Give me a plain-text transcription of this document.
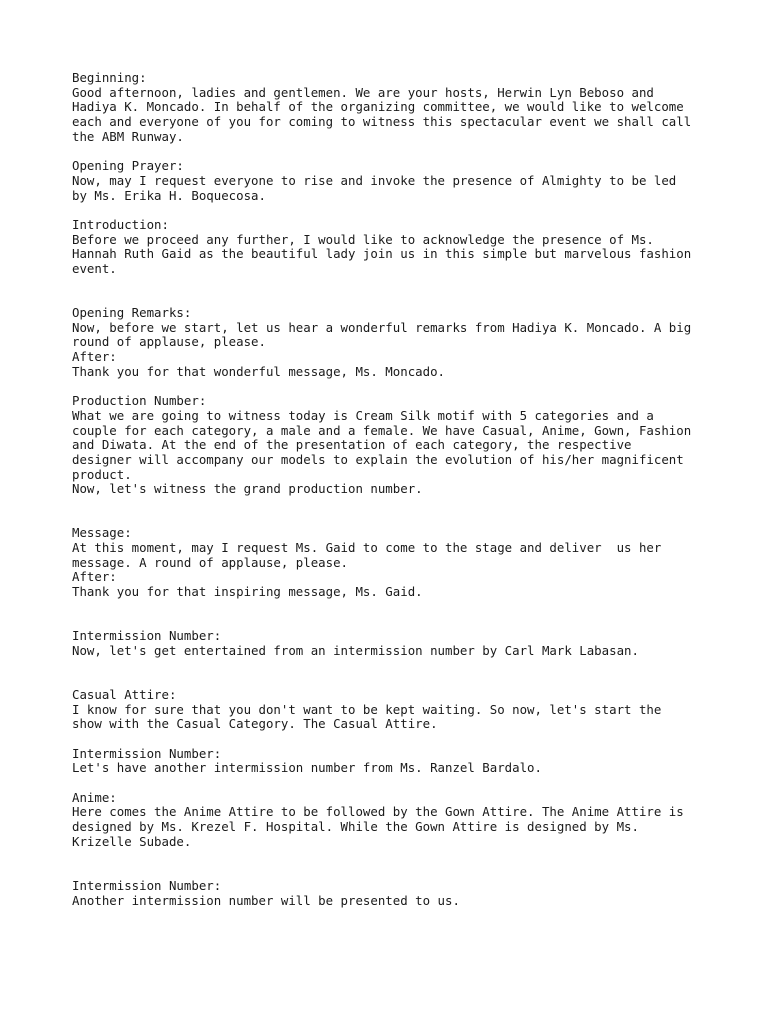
Beginning:
Good afternoon, ladies and gentlemen. We are your hosts, Herwin Lyn Beboso and
Hadiya K. Moncado. In behalf of the organizing committee, we would like to welcome
each and everyone of you for coming to witness this spectacular event we shall call
the ABM Runway.
Opening Prayer:
Now, may I request everyone to rise and invoke the presence of Almighty to be led
by Ms. Erika H. Boquecosa.
Introduction:
Before we proceed any further, I would like to acknowledge the presence of Ms.
Hannah Ruth Gaid as the beautiful lady join us in this simple but marvelous fashion
event.
Opening Remarks:
Now, before we start, let us hear a wonderful remarks from Hadiya K. Moncado. A big
round of applause, please.
After:
Thank you for that wonderful message, Ms. Moncado.
Production Number:
What we are going to witness today is Cream Silk motif with 5 categories and a
couple for each category, a male and a female. We have Casual, Anime, Gown, Fashion
and Diwata. At the end of the presentation of each category, the respective
designer will accompany our models to explain the evolution of his/her magnificent
product.
Now, let's witness the grand production number.
Message:
At this moment, may I request Ms. Gaid to come to the stage and deliver  us her
message. A round of applause, please.
After:
Thank you for that inspiring message, Ms. Gaid.
Intermission Number:
Now, let's get entertained from an intermission number by Carl Mark Labasan.
Casual Attire:
I know for sure that you don't want to be kept waiting. So now, let's start the
show with the Casual Category. The Casual Attire.
Intermission Number:
Let's have another intermission number from Ms. Ranzel Bardalo.
Anime:
Here comes the Anime Attire to be followed by the Gown Attire. The Anime Attire is
designed by Ms. Krezel F. Hospital. While the Gown Attire is designed by Ms.
Krizelle Subade.
Intermission Number:
Another intermission number will be presented to us.
